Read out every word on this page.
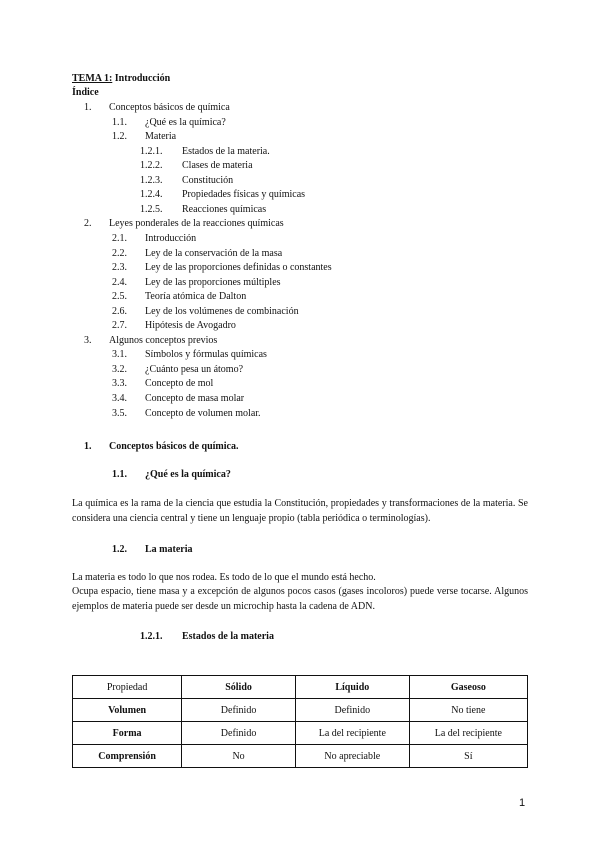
TEMA 1: Introducción
Índice
1. Conceptos básicos de química
1.1. ¿Qué es la química?
1.2. Materia
1.2.1. Estados de la materia.
1.2.2. Clases de materia
1.2.3. Constitución
1.2.4. Propiedades físicas y químicas
1.2.5. Reacciones químicas
2. Leyes ponderales de la reacciones químicas
2.1. Introducción
2.2. Ley de la conservación de la masa
2.3. Ley de las proporciones definidas o constantes
2.4. Ley de las proporciones múltiples
2.5. Teoría atómica de Dalton
2.6. Ley de los volúmenes de combinación
2.7. Hipótesis de Avogadro
3. Algunos conceptos previos
3.1. Símbolos y fórmulas químicas
3.2. ¿Cuánto pesa un átomo?
3.3. Concepto de mol
3.4. Concepto de masa molar
3.5. Concepto de volumen molar.
1. Conceptos básicos de química.
1.1. ¿Qué es la química?
La química es la rama de la ciencia que estudia la Constitución, propiedades y transformaciones de la materia. Se considera una ciencia central y tiene un lenguaje propio (tabla periódica o terminologías).
1.2. La materia
La materia es todo lo que nos rodea. Es todo de lo que el mundo está hecho.
Ocupa espacio, tiene masa y a excepción de algunos pocos casos (gases incoloros) puede verse tocarse. Algunos ejemplos de materia puede ser desde un microchip hasta la cadena de ADN.
1.2.1. Estados de la materia
Propiedad	Sólido	Líquido	Gaseoso
Volumen	Definido	Definido	No tiene
Forma	Definido	La del recipiente	La del recipiente
Comprensión	No	No apreciable	Sí
1
